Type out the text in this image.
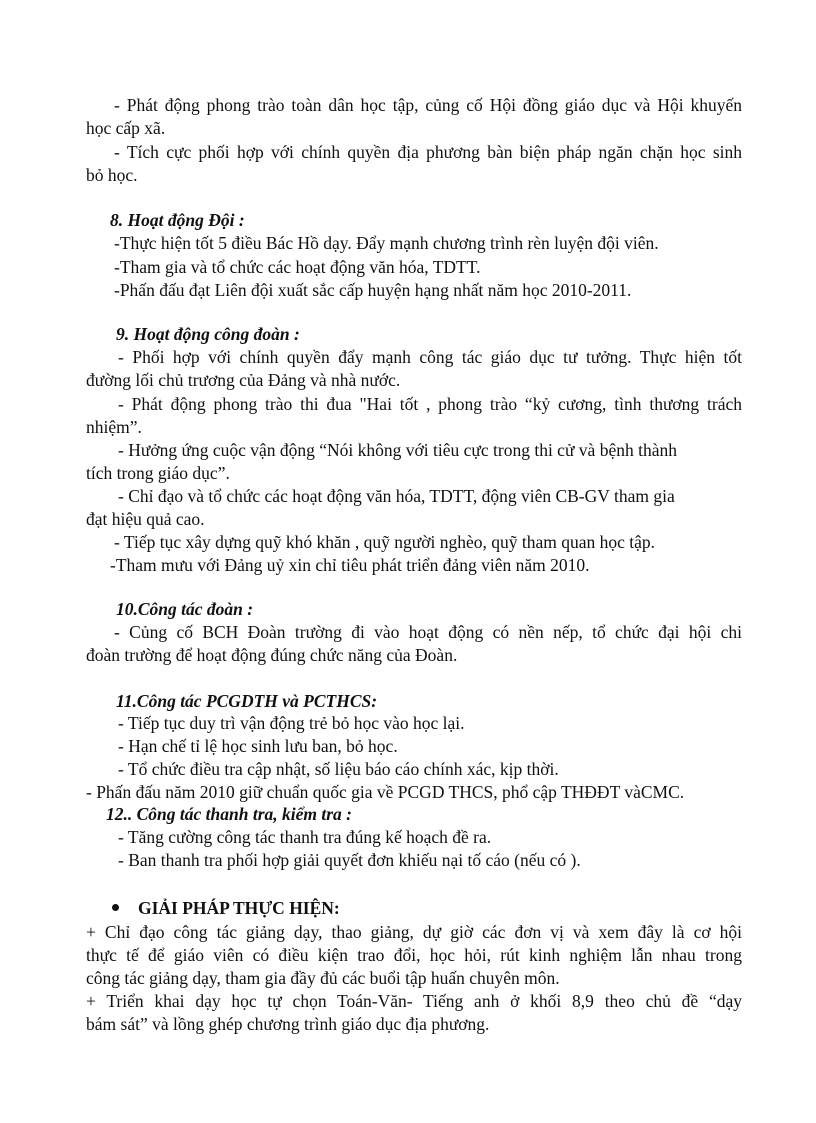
- Phát động phong trào toàn dân học tập, củng cố Hội đồng giáo dục và Hội khuyến
học cấp xã.
- Tích cực phối hợp với chính quyền địa phương bàn biện pháp ngăn chặn học sinh
bỏ học.
8. Hoạt động Đội :
-Thực hiện tốt 5 điều Bác Hồ dạy. Đẩy mạnh chương trình rèn luyện đội viên.
-Tham gia và tổ chức các hoạt động văn hóa, TDTT.
-Phấn đấu đạt Liên đội xuất sắc cấp huyện hạng nhất năm học 2010-2011.
9. Hoạt động công đoàn :
- Phối hợp với chính quyền đẩy mạnh công tác giáo dục tư tưởng. Thực hiện tốt
đường lối chủ trương của Đảng và nhà nước.
- Phát động phong trào thi đua "Hai tốt , phong trào “kỷ cương, tình thương trách
nhiệm”.
- Hưởng ứng cuộc vận động “Nói không với tiêu cực trong thi cử và bệnh thành
tích trong giáo dục”.
- Chỉ đạo và tổ chức các hoạt động văn hóa, TDTT, động viên CB-GV tham gia
đạt hiệu quả cao.
- Tiếp tục xây dựng quỹ khó khăn , quỹ người nghèo, quỹ tham quan học tập.
-Tham mưu với Đảng uỷ xin chỉ tiêu phát triển đảng viên năm 2010.
10.Công tác đoàn :
- Củng cố BCH Đoàn trường đi vào hoạt động có nền nếp, tổ chức đại hội chi
đoàn trường để hoạt động đúng chức năng của Đoàn.
11.Công tác PCGDTH và PCTHCS:
- Tiếp tục duy trì vận động trẻ bỏ học vào học lại.
- Hạn chế tỉ lệ học sinh lưu ban, bỏ học.
- Tổ chức điều tra cập nhật, số liệu báo cáo chính xác, kịp thời.
- Phấn đấu năm 2010 giữ chuẩn quốc gia về PCGD THCS, phổ cập THĐĐT vàCMC.
12.. Công tác thanh tra, kiểm tra :
- Tăng cường công tác thanh tra đúng kế hoạch đề ra.
- Ban thanh tra phối hợp giải quyết đơn khiếu nại tố cáo (nếu có ).
GIẢI PHÁP THỰC HIỆN:
+ Chỉ đạo công tác giảng dạy, thao giảng, dự giờ các đơn vị và xem đây là cơ hội
thực tế để giáo viên có điều kiện trao đổi, học hỏi, rút kinh nghiệm lẫn nhau trong
công tác giảng dạy, tham gia đầy đủ các buổi tập huấn chuyên môn.
+ Triển khai dạy học tự chọn Toán-Văn- Tiếng anh ở khối 8,9 theo chủ đề “dạy
bám sát” và lồng ghép chương trình giáo dục địa phương.
